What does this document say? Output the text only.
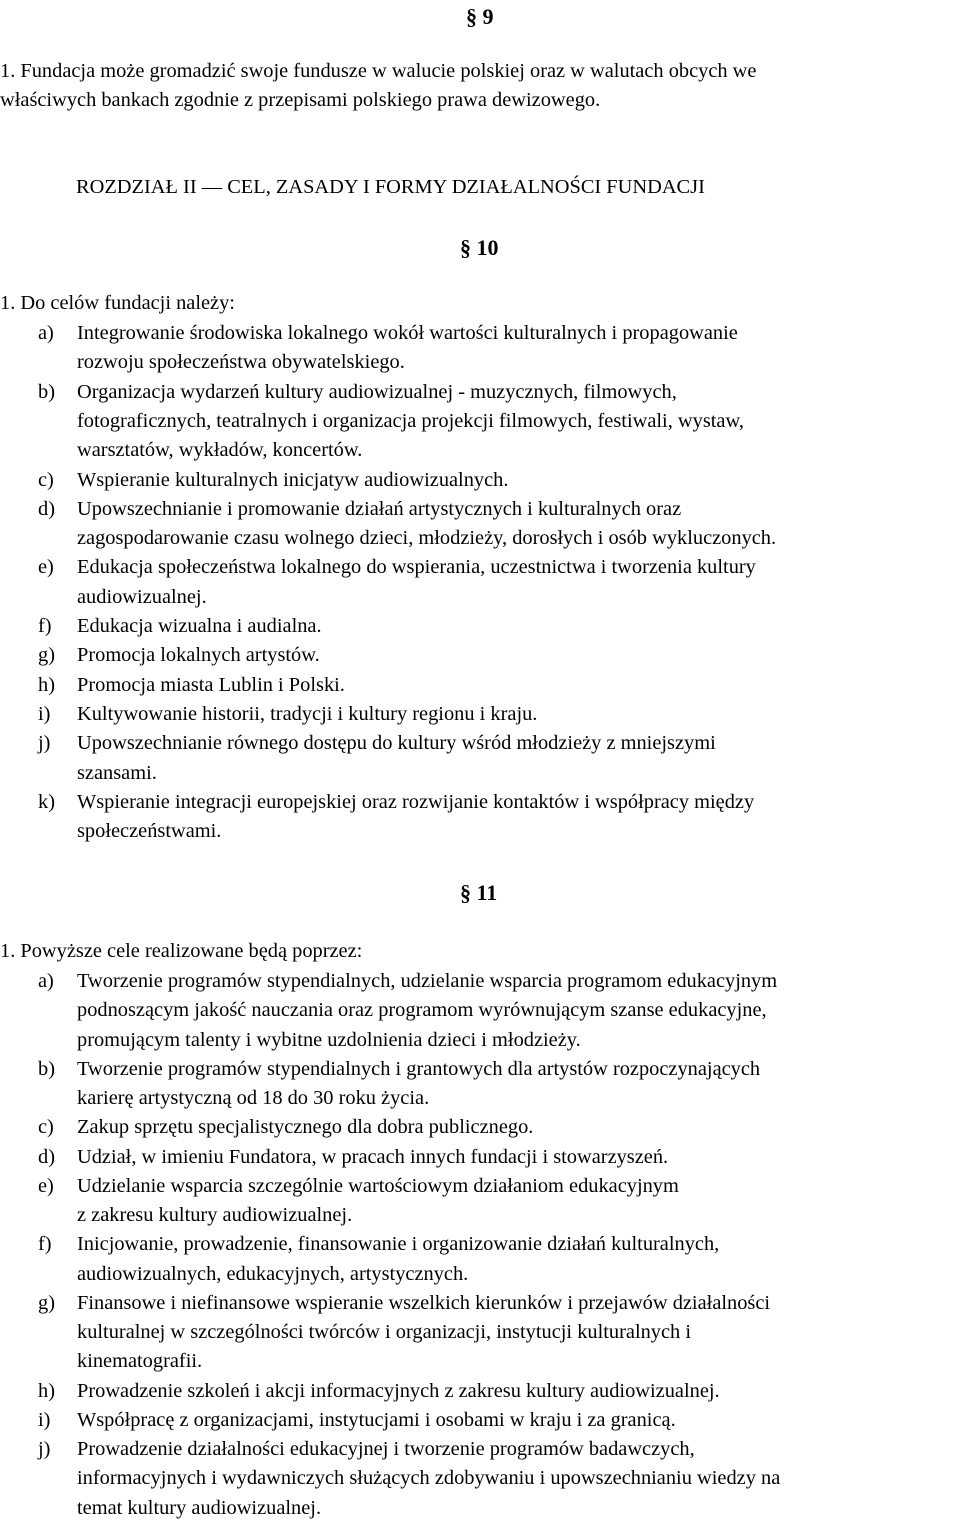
§ 9
1. Fundacja może gromadzić swoje fundusze w walucie polskiej oraz w walutach obcych we
właściwych bankach zgodnie z przepisami polskiego prawa dewizowego.
ROZDZIAŁ II — CEL, ZASADY I FORMY DZIAŁALNOŚCI FUNDACJI
§ 10
1. Do celów fundacji należy:
a) Integrowanie środowiska lokalnego wokół wartości kulturalnych i propagowanie
rozwoju społeczeństwa obywatelskiego.
b) Organizacja wydarzeń kultury audiowizualnej - muzycznych, filmowych,
fotograficznych, teatralnych i organizacja projekcji filmowych, festiwali, wystaw,
warsztatów, wykładów, koncertów.
c) Wspieranie kulturalnych inicjatyw audiowizualnych.
d) Upowszechnianie i promowanie działań artystycznych i kulturalnych oraz
zagospodarowanie czasu wolnego dzieci, młodzieży, dorosłych i osób wykluczonych.
e) Edukacja społeczeństwa lokalnego do wspierania, uczestnictwa i tworzenia kultury
audiowizualnej.
f) Edukacja wizualna i audialna.
g) Promocja lokalnych artystów.
h) Promocja miasta Lublin i Polski.
i) Kultywowanie historii, tradycji i kultury regionu i kraju.
j) Upowszechnianie równego dostępu do kultury wśród młodzieży z mniejszymi
szansami.
k) Wspieranie integracji europejskiej oraz rozwijanie kontaktów i współpracy między
społeczeństwami.
§ 11
1. Powyższe cele realizowane będą poprzez:
a) Tworzenie programów stypendialnych, udzielanie wsparcia programom edukacyjnym
podnoszącym jakość nauczania oraz programom wyrównującym szanse edukacyjne,
promującym talenty i wybitne uzdolnienia dzieci i młodzieży.
b) Tworzenie programów stypendialnych i grantowych dla artystów rozpoczynających
karierę artystyczną od 18 do 30 roku życia.
c) Zakup sprzętu specjalistycznego dla dobra publicznego.
d) Udział, w imieniu Fundatora, w pracach innych fundacji i stowarzyszeń.
e) Udzielanie wsparcia szczególnie wartościowym działaniom edukacyjnym
z zakresu kultury audiowizualnej.
f) Inicjowanie, prowadzenie, finansowanie i organizowanie działań kulturalnych,
audiowizualnych, edukacyjnych, artystycznych.
g) Finansowe i niefinansowe wspieranie wszelkich kierunków i przejawów działalności
kulturalnej w szczególności twórców i organizacji, instytucji kulturalnych i
kinematografii.
h) Prowadzenie szkoleń i akcji informacyjnych z zakresu kultury audiowizualnej.
i) Współpracę z organizacjami, instytucjami i osobami w kraju i za granicą.
j) Prowadzenie działalności edukacyjnej i tworzenie programów badawczych,
informacyjnych i wydawniczych służących zdobywaniu i upowszechnianiu wiedzy na
temat kultury audiowizualnej.
